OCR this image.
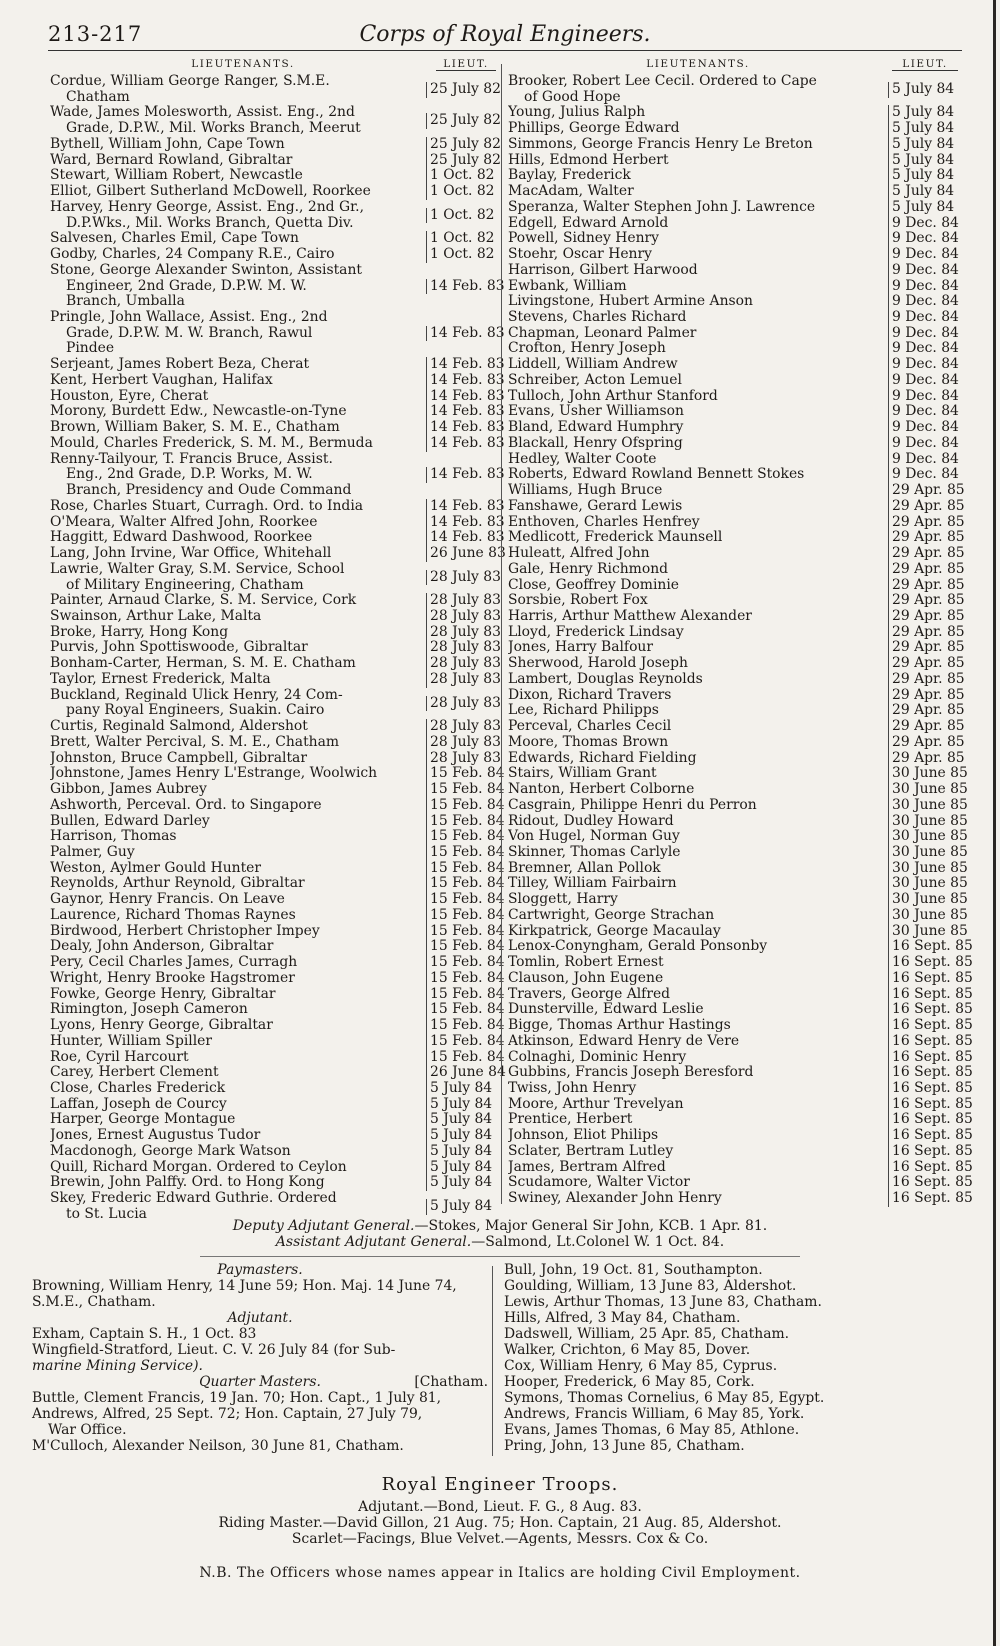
213-217	Corps of Royal Engineers.
LIEUTENANTS.	LIEUT.
Cordue, William George Ranger, S.M.E.
Chatham	25 July 82
Wade, James Molesworth, Assist. Eng., 2nd
Grade, D.P.W., Mil. Works Branch, Meerut	25 July 82
Bythell, William John, Cape Town	25 July 82
Ward, Bernard Rowland, Gibraltar	25 July 82
Stewart, William Robert, Newcastle	1 Oct. 82
Elliot, Gilbert Sutherland McDowell, Roorkee	1 Oct. 82
Harvey, Henry George, Assist. Eng., 2nd Gr.,
D.P.Wks., Mil. Works Branch, Quetta Div.	1 Oct. 82
Salvesen, Charles Emil, Cape Town	1 Oct. 82
Godby, Charles, 24 Company R.E., Cairo	1 Oct. 82
Stone, George Alexander Swinton, Assistant
Engineer, 2nd Grade, D.P.W. M. W.
Branch, Umballa
14 Feb. 83
Pringle, John Wallace, Assist. Eng., 2nd
Grade, D.P.W. M. W. Branch, Rawul
Pindee
14 Feb. 83
Serjeant, James Robert Beza, Cherat	14 Feb. 83
Kent, Herbert Vaughan, Halifax	14 Feb. 83
Houston, Eyre, Cherat	14 Feb. 83
Morony, Burdett Edw., Newcastle-on-Tyne	14 Feb. 83
Brown, William Baker, S. M. E., Chatham	14 Feb. 83
Mould, Charles Frederick, S. M. M., Bermuda	14 Feb. 83
Renny-Tailyour, T. Francis Bruce, Assist.
Eng., 2nd Grade, D.P. Works, M. W.
Branch, Presidency and Oude Command
14 Feb. 83
Rose, Charles Stuart, Curragh. Ord. to India	14 Feb. 83
O'Meara, Walter Alfred John, Roorkee	14 Feb. 83
Haggitt, Edward Dashwood, Roorkee	14 Feb. 83
Lang, John Irvine, War Office, Whitehall	26 June 83
Lawrie, Walter Gray, S.M. Service, School
of Military Engineering, Chatham	28 July 83
Painter, Arnaud Clarke, S. M. Service, Cork	28 July 83
Swainson, Arthur Lake, Malta	28 July 83
Broke, Harry, Hong Kong	28 July 83
Purvis, John Spottiswoode, Gibraltar	28 July 83
Bonham-Carter, Herman, S. M. E. Chatham	28 July 83
Taylor, Ernest Frederick, Malta	28 July 83
Buckland, Reginald Ulick Henry, 24 Com-
pany Royal Engineers, Suakin. Cairo	28 July 83
Curtis, Reginald Salmond, Aldershot	28 July 83
Brett, Walter Percival, S. M. E., Chatham	28 July 83
Johnston, Bruce Campbell, Gibraltar	28 July 83
Johnstone, James Henry L'Estrange, Woolwich	15 Feb. 84
Gibbon, James Aubrey	15 Feb. 84
Ashworth, Perceval. Ord. to Singapore	15 Feb. 84
Bullen, Edward Darley	15 Feb. 84
Harrison, Thomas	15 Feb. 84
Palmer, Guy	15 Feb. 84
Weston, Aylmer Gould Hunter	15 Feb. 84
Reynolds, Arthur Reynold, Gibraltar	15 Feb. 84
Gaynor, Henry Francis. On Leave	15 Feb. 84
Laurence, Richard Thomas Raynes	15 Feb. 84
Birdwood, Herbert Christopher Impey	15 Feb. 84
Dealy, John Anderson, Gibraltar	15 Feb. 84
Pery, Cecil Charles James, Curragh	15 Feb. 84
Wright, Henry Brooke Hagstromer	15 Feb. 84
Fowke, George Henry, Gibraltar	15 Feb. 84
Rimington, Joseph Cameron	15 Feb. 84
Lyons, Henry George, Gibraltar	15 Feb. 84
Hunter, William Spiller	15 Feb. 84
Roe, Cyril Harcourt	15 Feb. 84
Carey, Herbert Clement	26 June 84
Close, Charles Frederick	5 July 84
Laffan, Joseph de Courcy	5 July 84
Harper, George Montague	5 July 84
Jones, Ernest Augustus Tudor	5 July 84
Macdonogh, George Mark Watson	5 July 84
Quill, Richard Morgan. Ordered to Ceylon	5 July 84
Brewin, John Palffy. Ord. to Hong Kong	5 July 84
Skey, Frederic Edward Guthrie. Ordered
to St. Lucia	5 July 84
LIEUTENANTS.	LIEUT.
Brooker, Robert Lee Cecil. Ordered to Cape
of Good Hope	5 July 84
Young, Julius Ralph	5 July 84
Phillips, George Edward	5 July 84
Simmons, George Francis Henry Le Breton	5 July 84
Hills, Edmond Herbert	5 July 84
Baylay, Frederick	5 July 84
MacAdam, Walter	5 July 84
Speranza, Walter Stephen John J. Lawrence	5 July 84
Edgell, Edward Arnold	9 Dec. 84
Powell, Sidney Henry	9 Dec. 84
Stoehr, Oscar Henry	9 Dec. 84
Harrison, Gilbert Harwood	9 Dec. 84
Ewbank, William	9 Dec. 84
Livingstone, Hubert Armine Anson	9 Dec. 84
Stevens, Charles Richard	9 Dec. 84
Chapman, Leonard Palmer	9 Dec. 84
Crofton, Henry Joseph	9 Dec. 84
Liddell, William Andrew	9 Dec. 84
Schreiber, Acton Lemuel	9 Dec. 84
Tulloch, John Arthur Stanford	9 Dec. 84
Evans, Usher Williamson	9 Dec. 84
Bland, Edward Humphry	9 Dec. 84
Blackall, Henry Ofspring	9 Dec. 84
Hedley, Walter Coote	9 Dec. 84
Roberts, Edward Rowland Bennett Stokes	9 Dec. 84
Williams, Hugh Bruce	29 Apr. 85
Fanshawe, Gerard Lewis	29 Apr. 85
Enthoven, Charles Henfrey	29 Apr. 85
Medlicott, Frederick Maunsell	29 Apr. 85
Huleatt, Alfred John	29 Apr. 85
Gale, Henry Richmond	29 Apr. 85
Close, Geoffrey Dominie	29 Apr. 85
Sorsbie, Robert Fox	29 Apr. 85
Harris, Arthur Matthew Alexander	29 Apr. 85
Lloyd, Frederick Lindsay	29 Apr. 85
Jones, Harry Balfour	29 Apr. 85
Sherwood, Harold Joseph	29 Apr. 85
Lambert, Douglas Reynolds	29 Apr. 85
Dixon, Richard Travers	29 Apr. 85
Lee, Richard Philipps	29 Apr. 85
Perceval, Charles Cecil	29 Apr. 85
Moore, Thomas Brown	29 Apr. 85
Edwards, Richard Fielding	29 Apr. 85
Stairs, William Grant	30 June 85
Nanton, Herbert Colborne	30 June 85
Casgrain, Philippe Henri du Perron	30 June 85
Ridout, Dudley Howard	30 June 85
Von Hugel, Norman Guy	30 June 85
Skinner, Thomas Carlyle	30 June 85
Bremner, Allan Pollok	30 June 85
Tilley, William Fairbairn	30 June 85
Sloggett, Harry	30 June 85
Cartwright, George Strachan	30 June 85
Kirkpatrick, George Macaulay	30 June 85
Lenox-Conyngham, Gerald Ponsonby	16 Sept. 85
Tomlin, Robert Ernest	16 Sept. 85
Clauson, John Eugene	16 Sept. 85
Travers, George Alfred	16 Sept. 85
Dunsterville, Edward Leslie	16 Sept. 85
Bigge, Thomas Arthur Hastings	16 Sept. 85
Atkinson, Edward Henry de Vere	16 Sept. 85
Colnaghi, Dominic Henry	16 Sept. 85
Gubbins, Francis Joseph Beresford	16 Sept. 85
Twiss, John Henry	16 Sept. 85
Moore, Arthur Trevelyan	16 Sept. 85
Prentice, Herbert	16 Sept. 85
Johnson, Eliot Philips	16 Sept. 85
Sclater, Bertram Lutley	16 Sept. 85
James, Bertram Alfred	16 Sept. 85
Scudamore, Walter Victor	16 Sept. 85
Swiney, Alexander John Henry	16 Sept. 85
Deputy Adjutant General.—Stokes, Major General Sir John, KCB. 1 Apr. 81.
Assistant Adjutant General.—Salmond, Lt.Colonel W. 1 Oct. 84.
Paymasters.
Browning, William Henry, 14 June 59; Hon. Maj. 14 June 74,
S.M.E., Chatham.
Adjutant.
Exham, Captain S. H., 1 Oct. 83
Wingfield-Stratford, Lieut. C. V. 26 July 84 (for Sub-
marine Mining Service).
Quarter Masters.	[Chatham.
Buttle, Clement Francis, 19 Jan. 70; Hon. Capt., 1 July 81,
Andrews, Alfred, 25 Sept. 72; Hon. Captain, 27 July 79,
War Office.
M'Culloch, Alexander Neilson, 30 June 81, Chatham.
Bull, John, 19 Oct. 81, Southampton.
Goulding, William, 13 June 83, Aldershot.
Lewis, Arthur Thomas, 13 June 83, Chatham.
Hills, Alfred, 3 May 84, Chatham.
Dadswell, William, 25 Apr. 85, Chatham.
Walker, Crichton, 6 May 85, Dover.
Cox, William Henry, 6 May 85, Cyprus.
Hooper, Frederick, 6 May 85, Cork.
Symons, Thomas Cornelius, 6 May 85, Egypt.
Andrews, Francis William, 6 May 85, York.
Evans, James Thomas, 6 May 85, Athlone.
Pring, John, 13 June 85, Chatham.
Royal Engineer Troops.
Adjutant.—Bond, Lieut. F. G., 8 Aug. 83.
Riding Master.—David Gillon, 21 Aug. 75; Hon. Captain, 21 Aug. 85, Aldershot.
Scarlet—Facings, Blue Velvet.—Agents, Messrs. Cox & Co.
N.B. The Officers whose names appear in Italics are holding Civil Employment.
